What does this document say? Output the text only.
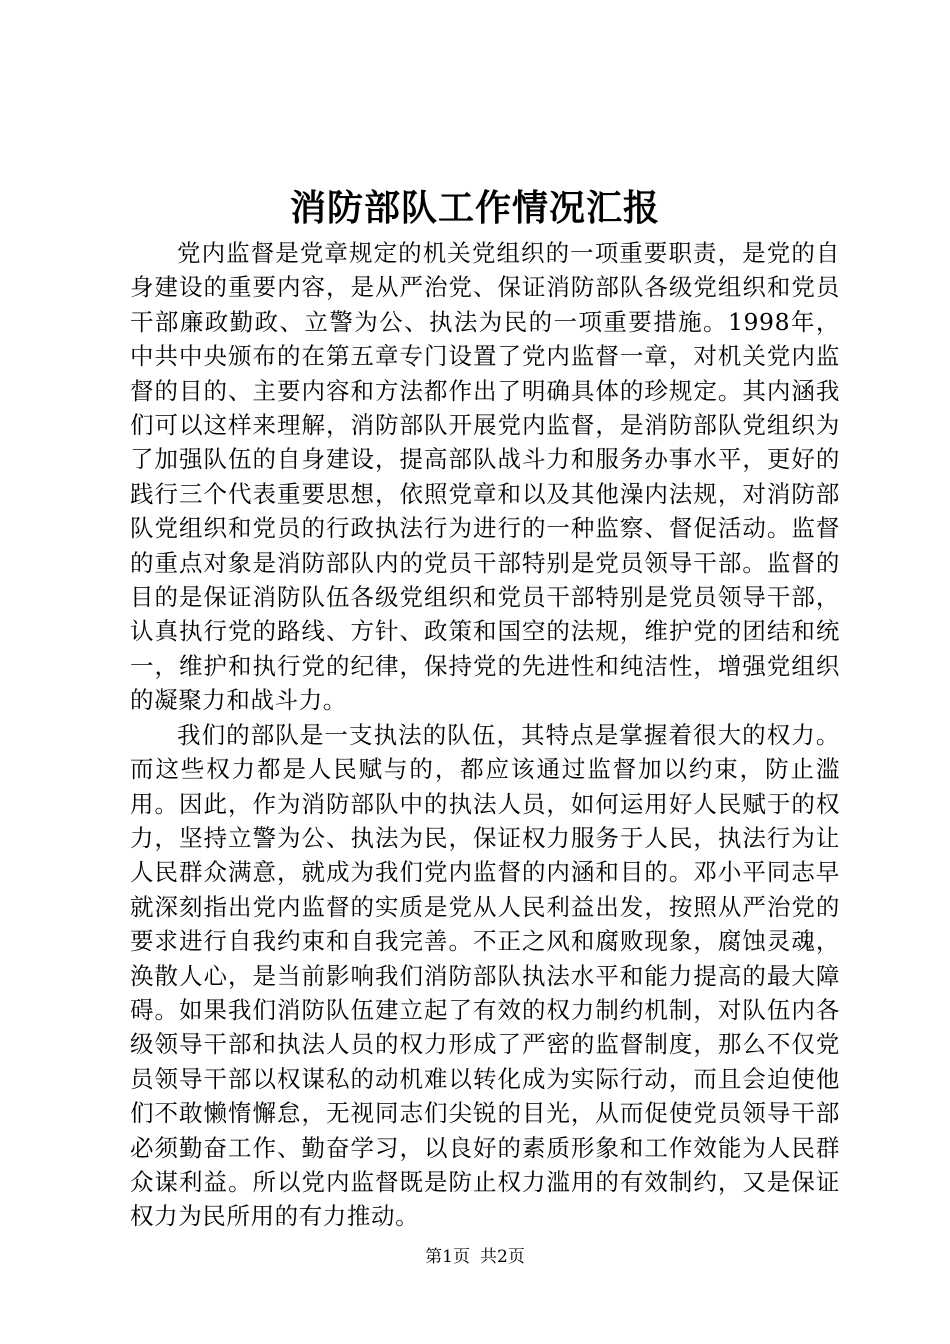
消防部队工作情况汇报

党内监督是党章规定的机关党组织的一项重要职责，是党的自身建设的重要内容，是从严治党、保证消防部队各级党组织和党员干部廉政勤政、立警为公、执法为民的一项重要措施。1998年，中共中央颁布的在第五章专门设置了党内监督一章，对机关党内监督的目的、主要内容和方法都作出了明确具体的珍规定。其内涵我们可以这样来理解，消防部队开展党内监督，是消防部队党组织为了加强队伍的自身建设，提高部队战斗力和服务办事水平，更好的践行三个代表重要思想，依照党章和以及其他澡内法规，对消防部队党组织和党员的行政执法行为进行的一种监察、督促活动。监督的重点对象是消防部队内的党员干部特别是党员领导干部。监督的目的是保证消防队伍各级党组织和党员干部特别是党员领导干部，认真执行党的路线、方针、政策和国空的法规，维护党的团结和统一，维护和执行党的纪律，保持党的先进性和纯洁性，增强党组织的凝聚力和战斗力。

我们的部队是一支执法的队伍，其特点是掌握着很大的权力。而这些权力都是人民赋与的，都应该通过监督加以约束，防止滥用。因此，作为消防部队中的执法人员，如何运用好人民赋于的权力，坚持立警为公、执法为民，保证权力服务于人民，执法行为让人民群众满意，就成为我们党内监督的内涵和目的。邓小平同志早就深刻指出党内监督的实质是党从人民利益出发，按照从严治党的要求进行自我约束和自我完善。不正之风和腐败现象，腐蚀灵魂，涣散人心，是当前影响我们消防部队执法水平和能力提高的最大障碍。如果我们消防队伍建立起了有效的权力制约机制，对队伍内各级领导干部和执法人员的权力形成了严密的监督制度，那么不仅党员领导干部以权谋私的动机难以转化成为实际行动，而且会迫使他们不敢懒惰懈怠，无视同志们尖锐的目光，从而促使党员领导干部必须勤奋工作、勤奋学习，以良好的素质形象和工作效能为人民群众谋利益。所以党内监督既是防止权力滥用的有效制约，又是保证权力为民所用的有力推动。

第1页 共2页
